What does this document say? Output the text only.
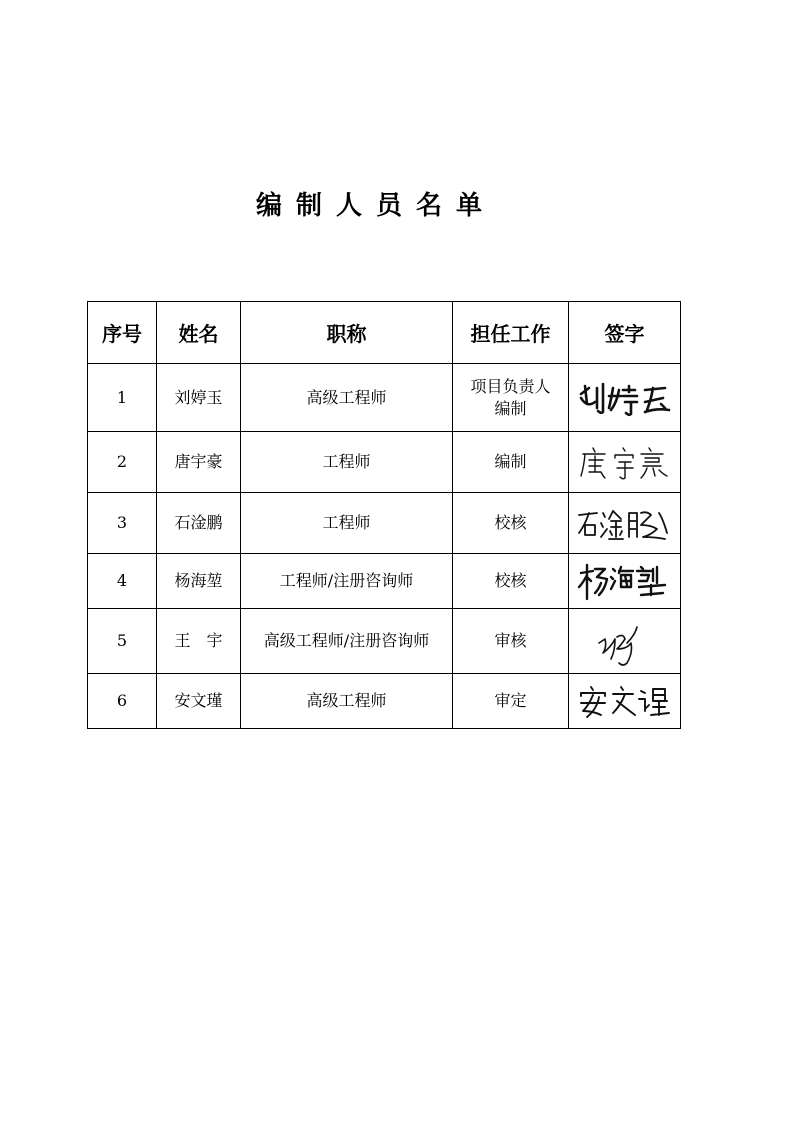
编制人员名单
序号	姓名	职称	担任工作	签字
1	刘婷玉	高级工程师	项目负责人
编制

2	唐宇豪	工程师	编制

3	石淦鹏	工程师	校核

4	杨海堃	工程师/注册咨询师	校核

5	王　宇	高级工程师/注册咨询师	审核

6	安文瑾	高级工程师	审定
